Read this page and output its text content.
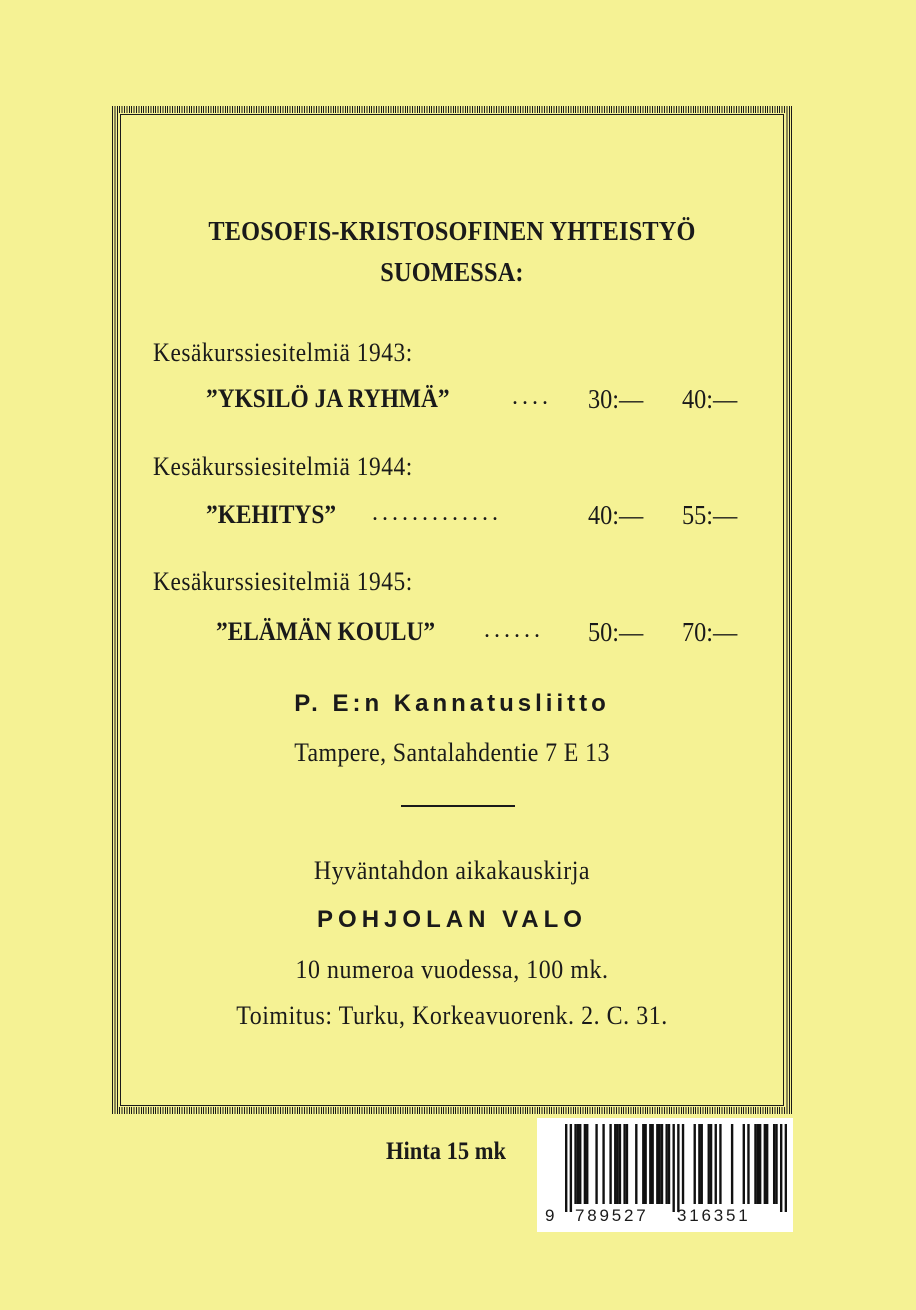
TEOSOFIS-KRISTOSOFINEN YHTEISTYÖ
SUOMESSA:
Kesäkurssiesitelmiä 1943:
”YKSILÖ JA RYHMÄ”	.... 30:— 40:—
Kesäkurssiesitelmiä 1944:
”KEHITYS” .............	40:— 55:—
Kesäkurssiesitelmiä 1945:
”ELÄMÄN KOULU” ...... 50:— 70:—
P. E:n Kannatusliitto
Tampere, Santalahdentie 7 E 13
Hyväntahdon aikakauskirja
POHJOLAN VALO
10 numeroa vuodessa, 100 mk.
Toimitus: Turku, Korkeavuorenk. 2. C. 31.
Hinta 15 mk
9 789527 316351
